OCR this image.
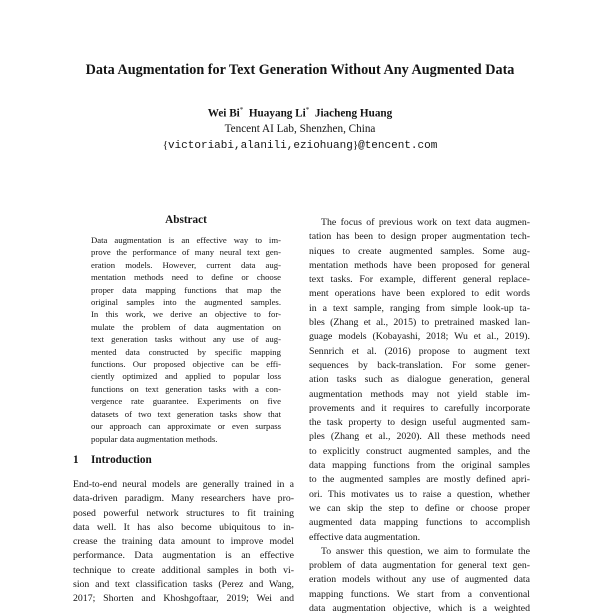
Data Augmentation for Text Generation Without Any Augmented Data
Wei Bi* Huayang Li* Jiacheng Huang
Tencent AI Lab, Shenzhen, China
{victoriabi,alanili,eziohuang}@tencent.com
Abstract
Data augmentation is an effective way to im-
prove the performance of many neural text gen-
eration models. However, current data aug-
mentation methods need to define or choose
proper data mapping functions that map the
original samples into the augmented samples.
In this work, we derive an objective to for-
mulate the problem of data augmentation on
text generation tasks without any use of aug-
mented data constructed by specific mapping
functions. Our proposed objective can be effi-
ciently optimized and applied to popular loss
functions on text generation tasks with a con-
vergence rate guarantee. Experiments on five
datasets of two text generation tasks show that
our approach can approximate or even surpass
popular data augmentation methods.
1 Introduction
End-to-end neural models are generally trained in a
data-driven paradigm. Many researchers have pro-
posed powerful network structures to fit training
data well. It has also become ubiquitous to in-
crease the training data amount to improve model
performance. Data augmentation is an effective
technique to create additional samples in both vi-
sion and text classification tasks (Perez and Wang,
2017; Shorten and Khoshgoftaar, 2019; Wei and
The focus of previous work on text data augmen-
tation has been to design proper augmentation tech-
niques to create augmented samples. Some aug-
mentation methods have been proposed for general
text tasks. For example, different general replace-
ment operations have been explored to edit words
in a text sample, ranging from simple look-up ta-
bles (Zhang et al., 2015) to pretrained masked lan-
guage models (Kobayashi, 2018; Wu et al., 2019).
Sennrich et al. (2016) propose to augment text
sequences by back-translation. For some gener-
ation tasks such as dialogue generation, general
augmentation methods may not yield stable im-
provements and it requires to carefully incorporate
the task property to design useful augmented sam-
ples (Zhang et al., 2020). All these methods need
to explicitly construct augmented samples, and the
data mapping functions from the original samples
to the augmented samples are mostly defined apri-
ori. This motivates us to raise a question, whether
we can skip the step to define or choose proper
augmented data mapping functions to accomplish
effective data augmentation.
To answer this question, we aim to formulate the
problem of data augmentation for general text gen-
eration models without any use of augmented data
mapping functions. We start from a conventional
data augmentation objective, which is a weighted
